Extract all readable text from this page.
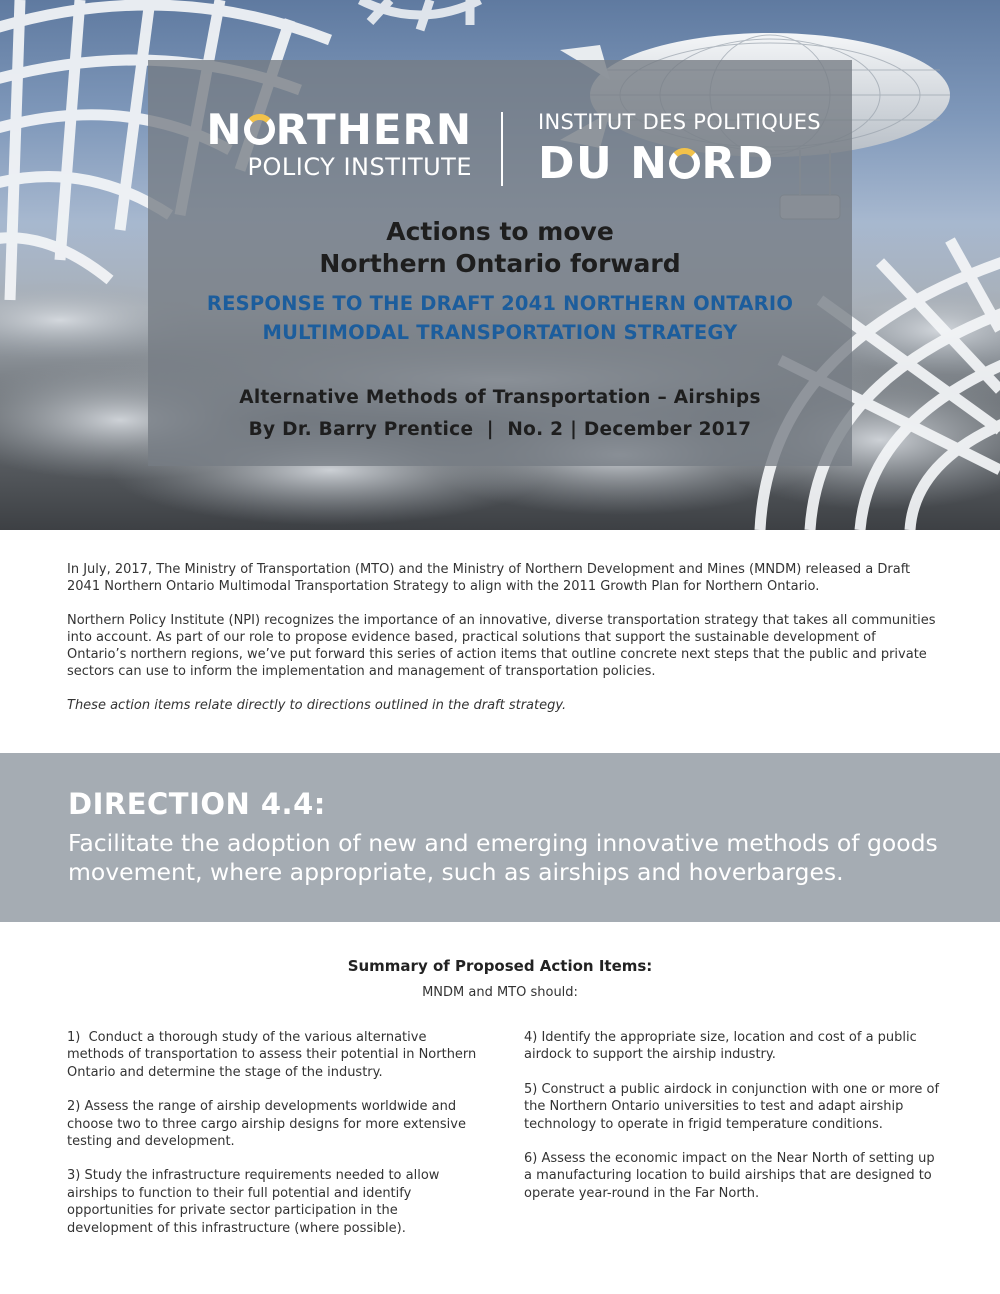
N RTHERN
POLICY INSTITUTE
INSTITUT DES POLITIQUES
DU N RD
Actions to move
Northern Ontario forward
RESPONSE TO THE DRAFT 2041 NORTHERN ONTARIO
MULTIMODAL TRANSPORTATION STRATEGY
Alternative Methods of Transportation – Airships
By Dr. Barry Prentice  |  No. 2 | December 2017

In July, 2017, The Ministry of Transportation (MTO) and the Ministry of Northern Development and Mines (MNDM) released a Draft 2041 Northern Ontario Multimodal Transportation Strategy to align with the 2011 Growth Plan for Northern Ontario.

Northern Policy Institute (NPI) recognizes the importance of an innovative, diverse transportation strategy that takes all communities into account. As part of our role to propose evidence based, practical solutions that support the sustainable development of Ontario’s northern regions, we’ve put forward this series of action items that outline concrete next steps that the public and private sectors can use to inform the implementation and management of transportation policies.

These action items relate directly to directions outlined in the draft strategy.

DIRECTION 4.4:
Facilitate the adoption of new and emerging innovative methods of goods movement, where appropriate, such as airships and hoverbarges.
Summary of Proposed Action Items:
MNDM and MTO should:
1)  Conduct a thorough study of the various alternative methods of transportation to assess their potential in Northern Ontario and determine the stage of the industry.
2) Assess the range of airship developments worldwide and choose two to three cargo airship designs for more extensive testing and development.
3) Study the infrastructure requirements needed to allow airships to function to their full potential and identify opportunities for private sector participation in the development of this infrastructure (where possible).
4) Identify the appropriate size, location and cost of a public airdock to support the airship industry.
5) Construct a public airdock in conjunction with one or more of the Northern Ontario universities to test and adapt airship technology to operate in frigid temperature conditions.
6) Assess the economic impact on the Near North of setting up a manufacturing location to build airships that are designed to operate year-round in the Far North.
